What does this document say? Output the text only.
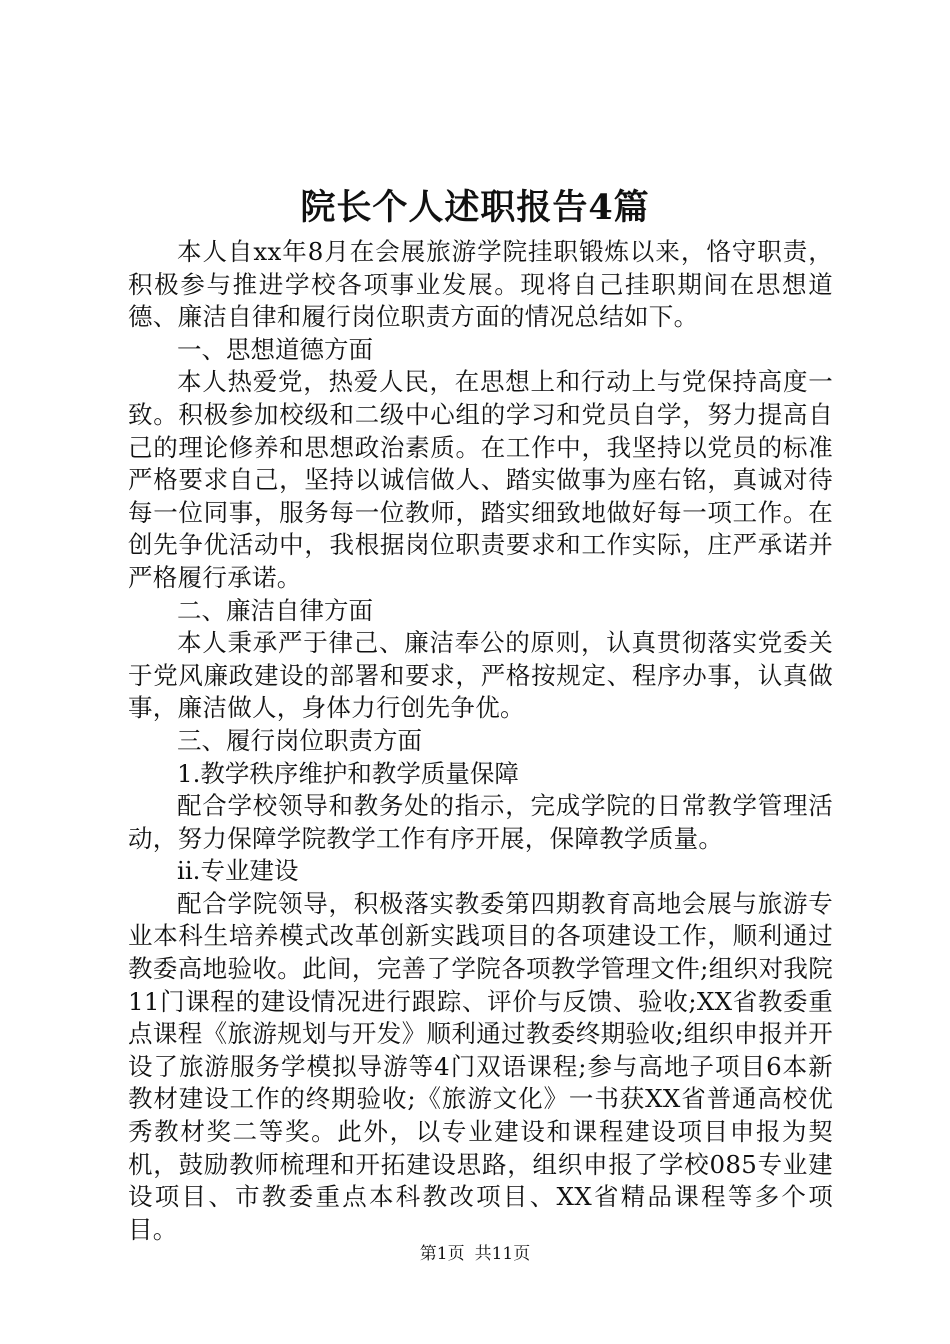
院长个人述职报告4篇

本人自xx年8月在会展旅游学院挂职锻炼以来，恪守职责，积极参与推进学校各项事业发展。现将自己挂职期间在思想道德、廉洁自律和履行岗位职责方面的情况总结如下。

一、思想道德方面

本人热爱党，热爱人民，在思想上和行动上与党保持高度一致。积极参加校级和二级中心组的学习和党员自学，努力提高自己的理论修养和思想政治素质。在工作中，我坚持以党员的标准严格要求自己，坚持以诚信做人、踏实做事为座右铭，真诚对待每一位同事，服务每一位教师，踏实细致地做好每一项工作。在创先争优活动中，我根据岗位职责要求和工作实际，庄严承诺并严格履行承诺。

二、廉洁自律方面

本人秉承严于律己、廉洁奉公的原则，认真贯彻落实党委关于党风廉政建设的部署和要求，严格按规定、程序办事，认真做事，廉洁做人，身体力行创先争优。

三、履行岗位职责方面

1.教学秩序维护和教学质量保障

配合学校领导和教务处的指示，完成学院的日常教学管理活动，努力保障学院教学工作有序开展，保障教学质量。

ii.专业建设

配合学院领导，积极落实教委第四期教育高地会展与旅游专业本科生培养模式改革创新实践项目的各项建设工作，顺利通过教委高地验收。此间，完善了学院各项教学管理文件;组织对我院11门课程的建设情况进行跟踪、评价与反馈、验收;XX省教委重点课程《旅游规划与开发》顺利通过教委终期验收;组织申报并开设了旅游服务学模拟导游等4门双语课程;参与高地子项目6本新教材建设工作的终期验收;《旅游文化》一书获XX省普通高校优秀教材奖二等奖。此外，以专业建设和课程建设项目申报为契机，鼓励教师梳理和开拓建设思路，组织申报了学校085专业建设项目、市教委重点本科教改项目、XX省精品课程等多个项目。

第1页 共11页
